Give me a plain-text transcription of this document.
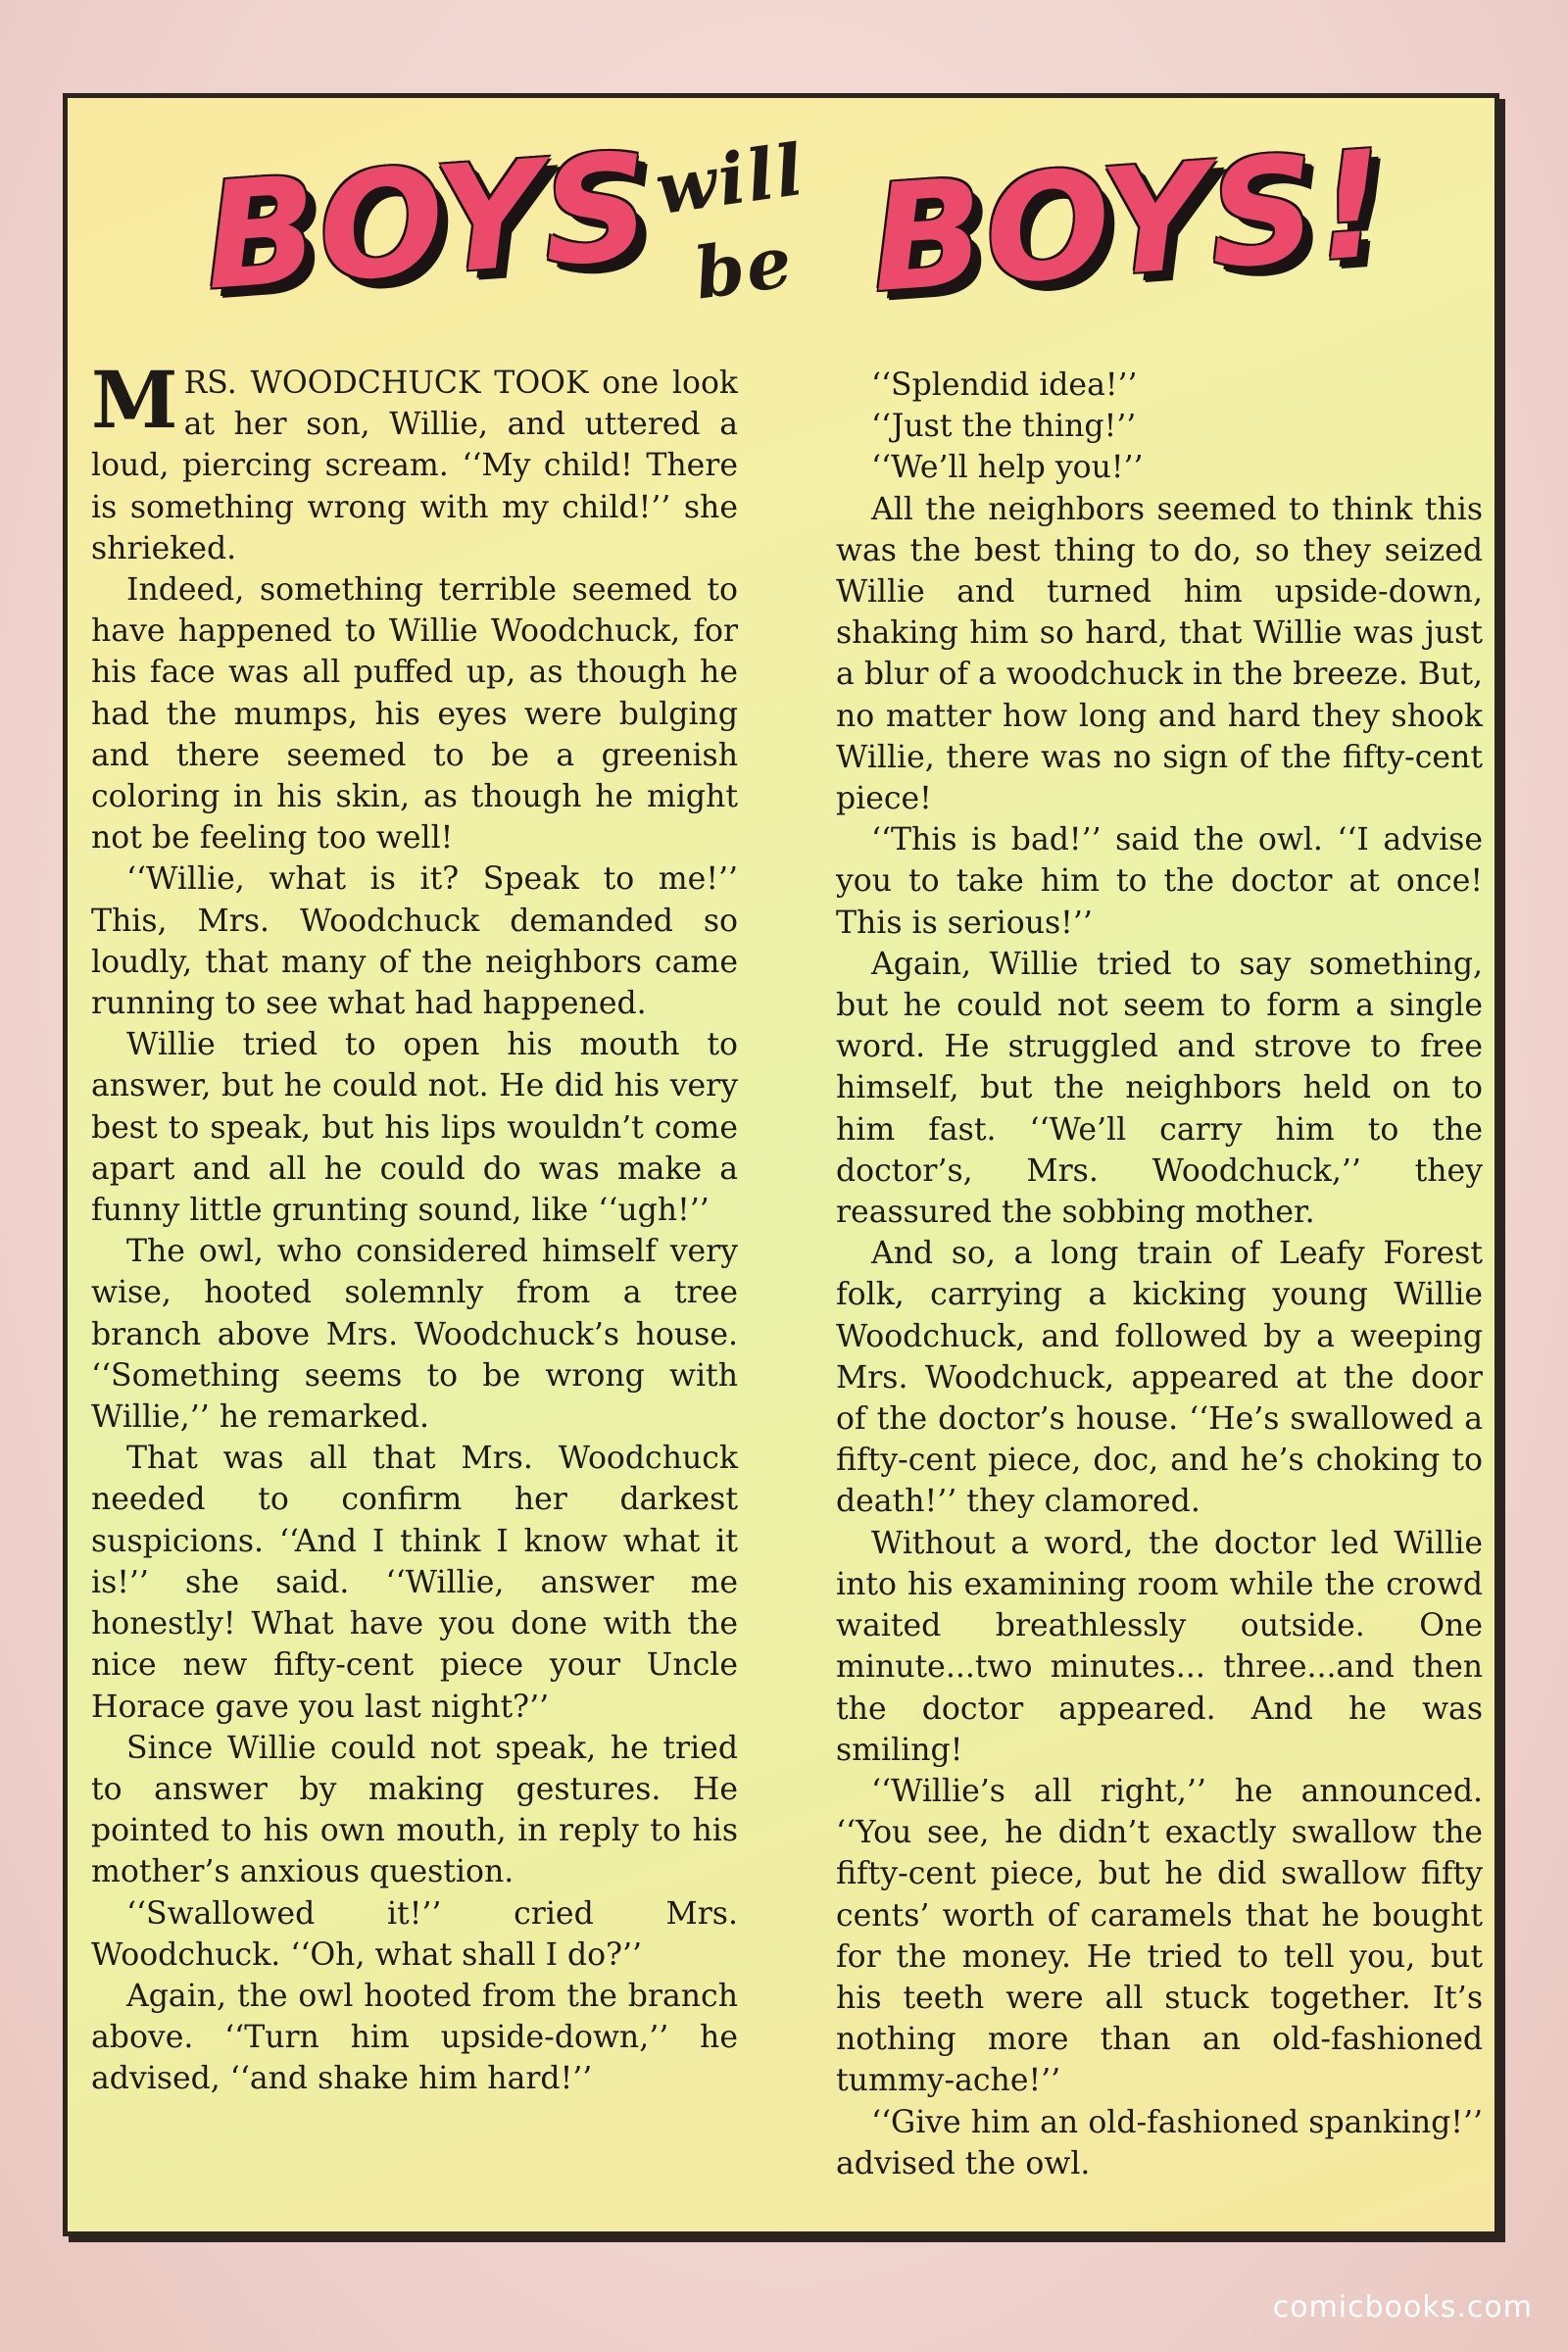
BOYS
will
be BOYS!

MRS. WOODCHUCK TOOK one look at her son, Willie, and uttered a loud, piercing scream. ‘‘My child! There is something wrong with my child!’’ she shrieked.

Indeed, something terrible seemed to have happened to Willie Woodchuck, for his face was all puffed up, as though he had the mumps, his eyes were bulging and there seemed to be a greenish coloring in his skin, as though he might not be feeling too well!

‘‘Willie, what is it? Speak to me!’’ This, Mrs. Woodchuck demanded so loudly, that many of the neighbors came running to see what had happened.

Willie tried to open his mouth to answer, but he could not. He did his very best to speak, but his lips wouldn’t come apart and all he could do was make a funny little grunting sound, like ‘‘ugh!’’

The owl, who considered himself very wise, hooted solemnly from a tree branch above Mrs. Woodchuck’s house. ‘‘Something seems to be wrong with Willie,’’ he remarked.

That was all that Mrs. Woodchuck needed to confirm her darkest suspicions. ‘‘And I think I know what it is!’’ she said. ‘‘Willie, answer me honestly! What have you done with the nice new fifty-cent piece your Uncle Horace gave you last night?’’

Since Willie could not speak, he tried to answer by making gestures. He pointed to his own mouth, in reply to his mother’s anxious question.

‘‘Swallowed it!’’ cried Mrs. Woodchuck. ‘‘Oh, what shall I do?’’

Again, the owl hooted from the branch above. ‘‘Turn him upside-down,’’ he advised, ‘‘and shake him hard!’’

‘‘Splendid idea!’’

‘‘Just the thing!’’

‘‘We’ll help you!’’

All the neighbors seemed to think this was the best thing to do, so they seized Willie and turned him upside-down, shaking him so hard, that Willie was just a blur of a woodchuck in the breeze. But, no matter how long and hard they shook Willie, there was no sign of the fifty-cent piece!

‘‘This is bad!’’ said the owl. ‘‘I advise you to take him to the doctor at once! This is serious!’’

Again, Willie tried to say something, but he could not seem to form a single word. He struggled and strove to free himself, but the neighbors held on to him fast. ‘‘We’ll carry him to the doctor’s, Mrs. Woodchuck,’’ they reassured the sobbing mother.

And so, a long train of Leafy Forest folk, carrying a kicking young Willie Woodchuck, and followed by a weeping Mrs. Woodchuck, appeared at the door of the doctor’s house. ‘‘He’s swallowed a fifty-cent piece, doc, and he’s choking to death!’’ they clamored.

Without a word, the doctor led Willie into his examining room while the crowd waited breathlessly outside. One minute...two minutes... three...and then the doctor appeared. And he was smiling!

‘‘Willie’s all right,’’ he announced. ‘‘You see, he didn’t exactly swallow the fifty-cent piece, but he did swallow fifty cents’ worth of caramels that he bought for the money. He tried to tell you, but his teeth were all stuck together. It’s nothing more than an old-fashioned tummy-ache!’’

‘‘Give him an old-fashioned spanking!’’ advised the owl.

comicbooks.com
